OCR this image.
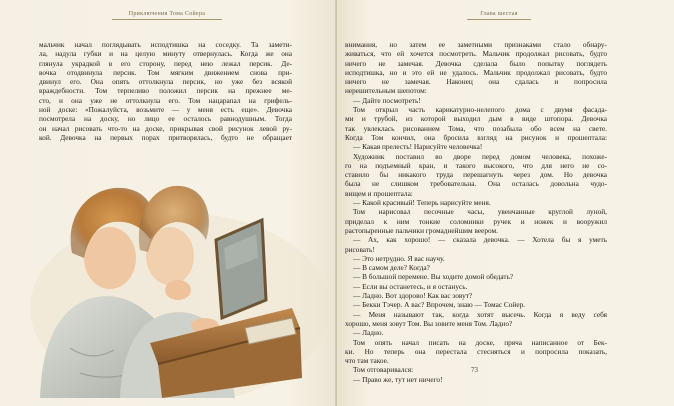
Приключения Тома Сойера
мальчик начал поглядывать исподтишка на соседку. Та замети-
ла, надула губки и на целую минуту отвернулась. Когда же она
глянула украдкой в его сторону, перед нею лежал персик. Де-
вочка отодвинула персик. Том мягким движением снова при-
двинул его. Она опять оттолкнула персик, но уже без всякой
враждебности. Том терпеливо положил персик на прежнее ме-
сто, и она уже не оттолкнула его. Том нацарапал на грифель-
ной доске: «Пожалуйста, возьмите — у меня есть еще». Девочка
посмотрела на доску, но лицо ее осталось равнодушным. Тогда
он начал рисовать что-то на доске, прикрывая свой рисунок левой ру-
кой. Девочка на первых порах притворялась, будто не обращает
Глава шестая
внимания, но затем ее заметными признаками стало обнару-
живаться, что ей хочется посмотреть. Мальчик продолжал рисовать, будто
ничего не замечая. Девочка сделала было попытку поглядеть
исподтишка, но и это ей не удалось. Мальчик продолжал рисовать, будто
ничего не замечая. Наконец она сдалась и попросила
нерешительным шепотом:
— Дайте посмотреть!
Том открыл часть карикатурно-нелепого дома с двумя фасада-
ми и трубой, из которой выходил дым в виде штопора. Девочка
так увлеклась рисованием Тома, что позабыла обо всем на свете.
Когда Том кончил, она бросила взгляд на рисунок и прошептала:
— Какая прелесть! Нарисуйте человечка!
Художник поставил во дворе перед домом человека, похоже-
го на подъемный кран, и такого высокого, что для него не со-
ставило бы никакого труда перешагнуть через дом. Но девочка
была не слишком требовательна. Она осталась довольна чудо-
вищем и прошептала:
— Какой красивый! Теперь нарисуйте меня.
Том нарисовал песочные часы, увенчанные круглой луной,
приделал к ним тонкие соломинки ручек и ножек и вооружил
растопыренные пальчики громаднейшим веером.
— Ах, как хорошо! — сказала девочка. — Хотела бы я уметь
рисовать!
— Это нетрудно. Я вас научу.
— В самом деле? Когда?
— В большой перемене. Вы ходите домой обедать?
— Если вы останетесь, и я останусь.
— Ладно. Вот здорово! Как вас зовут?
— Бекки Тэчер. А вас? Впрочем, знаю — Томас Сойер.
— Меня называют так, когда хотят высечь. Когда я веду себя
хорошо, меня зовут Том. Вы зовите меня Том. Ладно?
— Ладно.
Том опять начал писать на доске, пряча написанное от Бек-
ки. Но теперь она перестала стесняться и попросила показать,
что там такое.
Том отговаривался:
— Право же, тут нет ничего!
73
